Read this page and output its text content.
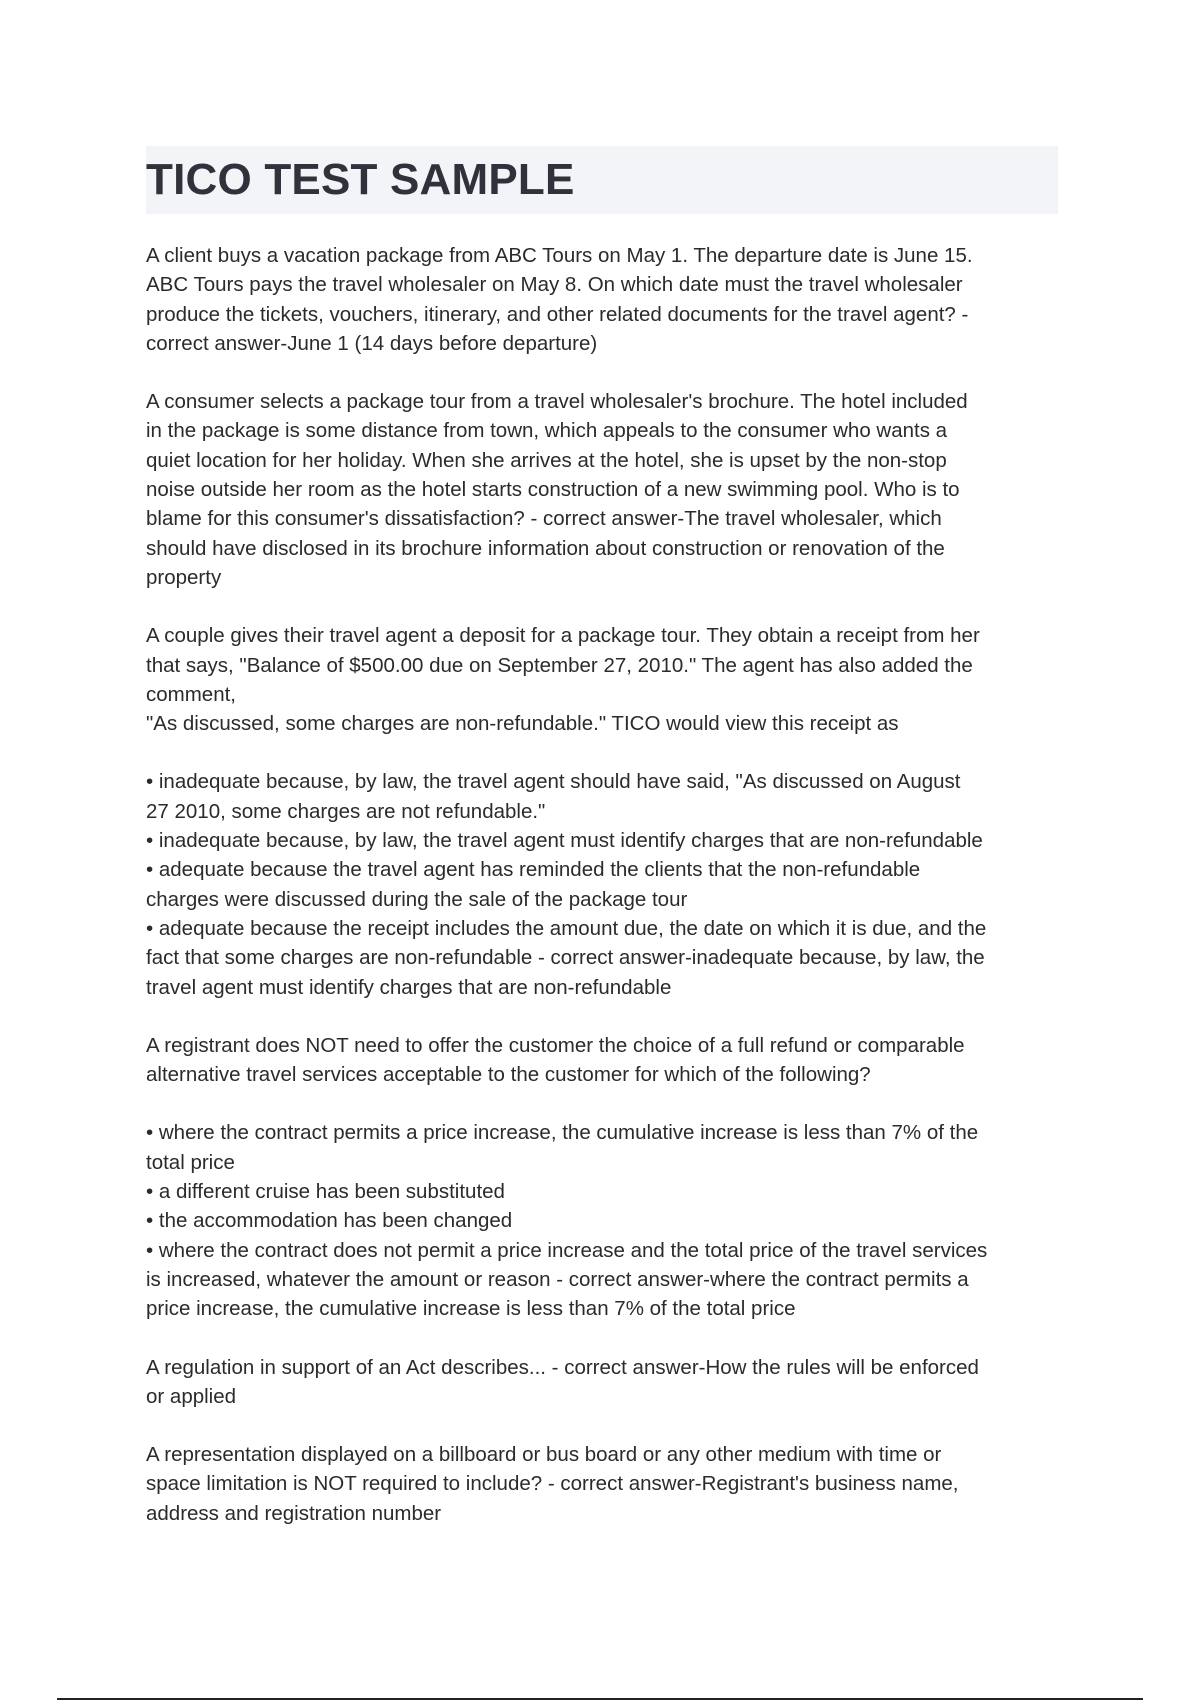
TICO TEST SAMPLE

A client buys a vacation package from ABC Tours on May 1. The departure date is June 15.
ABC Tours pays the travel wholesaler on May 8. On which date must the travel wholesaler
produce the tickets, vouchers, itinerary, and other related documents for the travel agent? -
correct answer-June 1 (14 days before departure)

A consumer selects a package tour from a travel wholesaler's brochure. The hotel included
in the package is some distance from town, which appeals to the consumer who wants a
quiet location for her holiday. When she arrives at the hotel, she is upset by the non-stop
noise outside her room as the hotel starts construction of a new swimming pool. Who is to
blame for this consumer's dissatisfaction? - correct answer-The travel wholesaler, which
should have disclosed in its brochure information about construction or renovation of the
property

A couple gives their travel agent a deposit for a package tour. They obtain a receipt from her
that says, "Balance of $500.00 due on September 27, 2010." The agent has also added the
comment,
"As discussed, some charges are non-refundable." TICO would view this receipt as

• inadequate because, by law, the travel agent should have said, "As discussed on August
27 2010, some charges are not refundable."
• inadequate because, by law, the travel agent must identify charges that are non-refundable
• adequate because the travel agent has reminded the clients that the non-refundable
charges were discussed during the sale of the package tour
• adequate because the receipt includes the amount due, the date on which it is due, and the
fact that some charges are non-refundable - correct answer-inadequate because, by law, the
travel agent must identify charges that are non-refundable

A registrant does NOT need to offer the customer the choice of a full refund or comparable
alternative travel services acceptable to the customer for which of the following?

• where the contract permits a price increase, the cumulative increase is less than 7% of the
total price
• a different cruise has been substituted
• the accommodation has been changed
• where the contract does not permit a price increase and the total price of the travel services
is increased, whatever the amount or reason - correct answer-where the contract permits a
price increase, the cumulative increase is less than 7% of the total price

A regulation in support of an Act describes... - correct answer-How the rules will be enforced
or applied

A representation displayed on a billboard or bus board or any other medium with time or
space limitation is NOT required to include? - correct answer-Registrant's business name,
address and registration number
